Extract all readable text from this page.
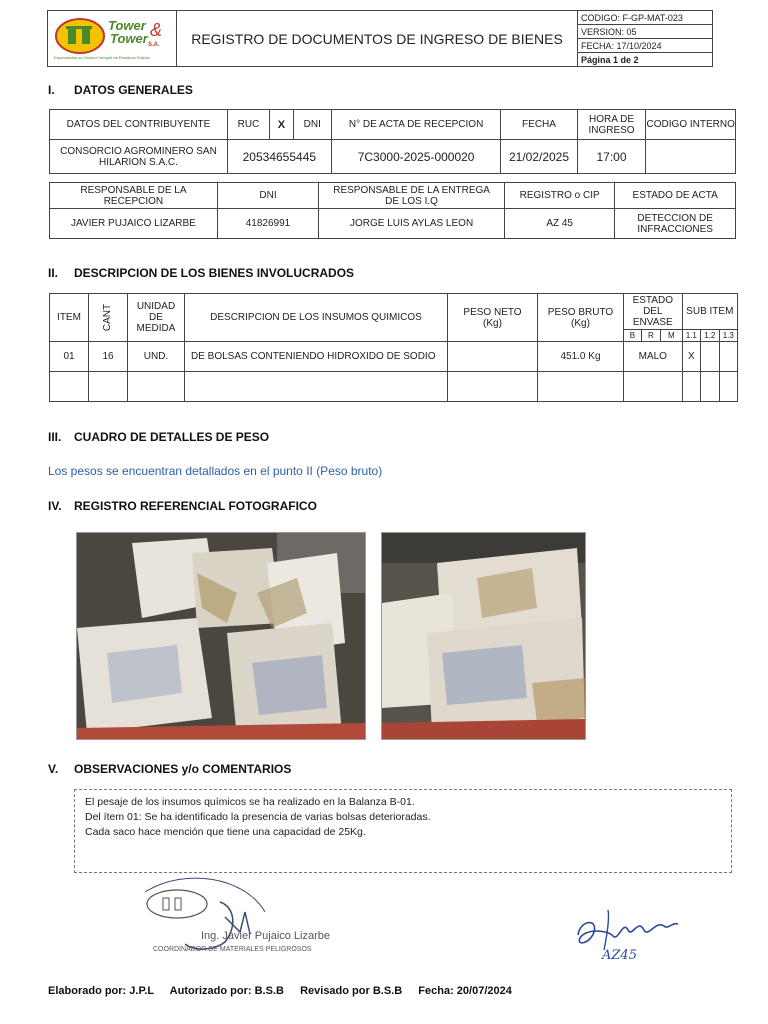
Tower
Tower &
S.A.
Especialistas en Gestion Integral de Residuos Solidos
	REGISTRO DE DOCUMENTOS DE INGRESO DE BIENES	CODIGO: F-GP-MAT-023
VERSION: 05
FECHA: 17/10/2024
Página 1 de 2
I. DATOS GENERALES
DATOS DEL CONTRIBUYENTE	RUC	X	DNI	N° DE ACTA DE RECEPCION	FECHA	HORA DE INGRESO	CODIGO INTERNO
CONSORCIO AGROMINERO SAN HILARION S.A.C.	20534655445			7C3000-2025-000020	21/02/2025	17:00	
RESPONSABLE DE LA RECEPCION	DNI	RESPONSABLE DE LA ENTREGA DE LOS I.Q	REGISTRO o CIP	ESTADO DE ACTA
JAVIER PUJAICO LIZARBE	41826991	JORGE LUIS AYLAS LEON	AZ 45	DETECCION DE INFRACCIONES
II. DESCRIPCION DE LOS BIENES INVOLUCRADOS
ITEM	CANT	UNIDAD DE MEDIDA	DESCRIPCION DE LOS INSUMOS QUIMICOS	PESO NETO (Kg)	PESO BRUTO (Kg)	ESTADO DEL ENVASE			SUB ITEM		
						B	R	M	1.1	1.2	1.3
01	16	UND.	DE BOLSAS CONTENIENDO HIDROXIDO DE SODIO		451.0 Kg	MALO			X		

III. CUADRO DE DETALLES DE PESO
Los pesos se encuentran detallados en el punto II (Peso bruto)
IV. REGISTRO REFERENCIAL FOTOGRAFICO
V. OBSERVACIONES y/o COMENTARIOS
El pesaje de los insumos químicos se ha realizado en la Balanza B-01.
Del ítem 01: Se ha identificado la presencia de varias bolsas deterioradas.
Cada saco hace mención que tiene una capacidad de 25Kg.
Ing. Javier Pujaico Lizarbe
COORDINADOR DE MATERIALES PELIGROSOS	AZ45
Elaborado por: J.P.L Autorizado por: B.S.B Revisado por B.S.B Fecha: 20/07/2024
